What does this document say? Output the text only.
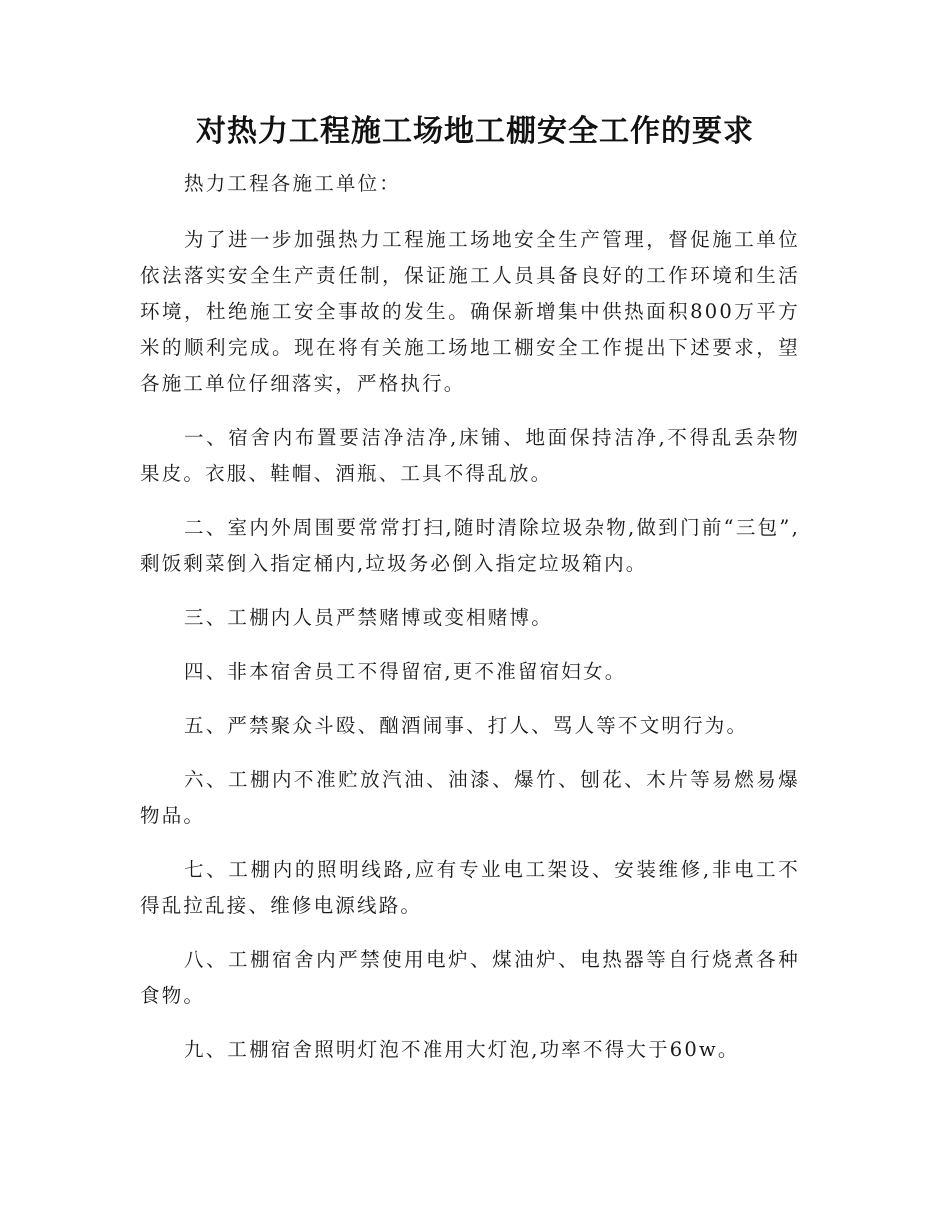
对热力工程施工场地工棚安全工作的要求

热力工程各施工单位：

为了进一步加强热力工程施工场地安全生产管理，督促施工单位依法落实安全生产责任制，保证施工人员具备良好的工作环境和生活环境，杜绝施工安全事故的发生。确保新增集中供热面积800万平方米的顺利完成。现在将有关施工场地工棚安全工作提出下述要求，望各施工单位仔细落实，严格执行。

一、宿舍内布置要洁净洁净,床铺、地面保持洁净,不得乱丢杂物果皮。衣服、鞋帽、酒瓶、工具不得乱放。

二、室内外周围要常常打扫,随时清除垃圾杂物,做到门前“三包”,剩饭剩菜倒入指定桶内,垃圾务必倒入指定垃圾箱内。

三、工棚内人员严禁赌博或变相赌博。

四、非本宿舍员工不得留宿,更不准留宿妇女。

五、严禁聚众斗殴、酗酒闹事、打人、骂人等不文明行为。

六、工棚内不准贮放汽油、油漆、爆竹、刨花、木片等易燃易爆物品。

七、工棚内的照明线路,应有专业电工架设、安装维修,非电工不得乱拉乱接、维修电源线路。

八、工棚宿舍内严禁使用电炉、煤油炉、电热器等自行烧煮各种食物。

九、工棚宿舍照明灯泡不准用大灯泡,功率不得大于60w。
